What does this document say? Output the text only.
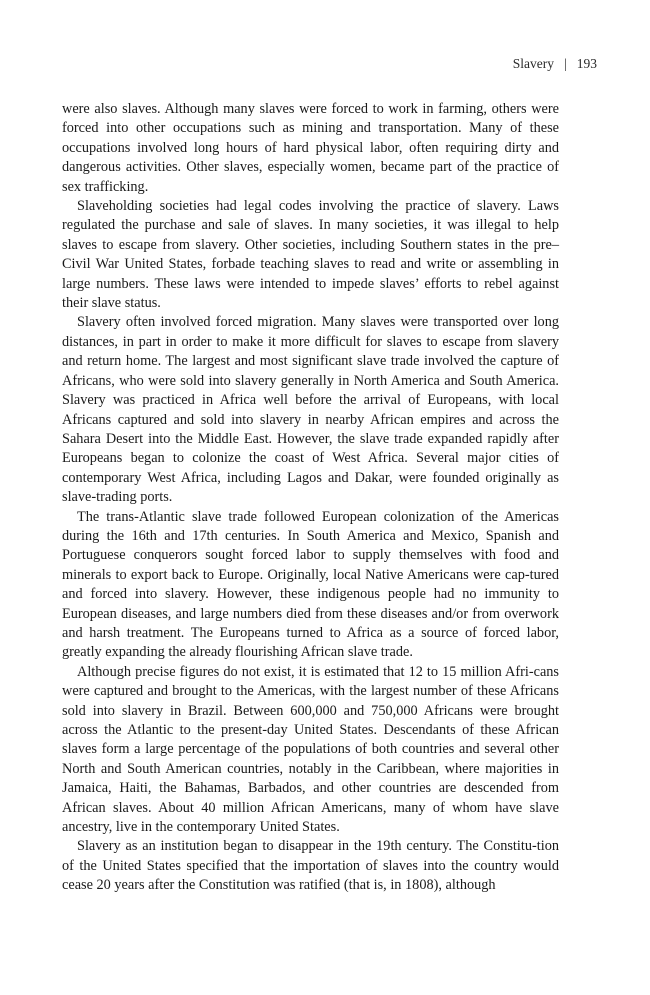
Slavery | 193

were also slaves. Although many slaves were forced to work in farming, others were forced into other occupations such as mining and transportation. Many of these occupations involved long hours of hard physical labor, often requiring dirty and dangerous activities. Other slaves, especially women, became part of the practice of sex trafficking.

Slaveholding societies had legal codes involving the practice of slavery. Laws regulated the purchase and sale of slaves. In many societies, it was illegal to help slaves to escape from slavery. Other societies, including Southern states in the pre–Civil War United States, forbade teaching slaves to read and write or assembling in large numbers. These laws were intended to impede slaves’ efforts to rebel against their slave status.

Slavery often involved forced migration. Many slaves were transported over long distances, in part in order to make it more difficult for slaves to escape from slavery and return home. The largest and most significant slave trade involved the capture of Africans, who were sold into slavery generally in North America and South America. Slavery was practiced in Africa well before the arrival of Europeans, with local Africans captured and sold into slavery in nearby African empires and across the Sahara Desert into the Middle East. However, the slave trade expanded rapidly after Europeans began to colonize the coast of West Africa. Several major cities of contemporary West Africa, including Lagos and Dakar, were founded originally as slave-trading ports.

The trans-Atlantic slave trade followed European colonization of the Americas during the 16th and 17th centuries. In South America and Mexico, Spanish and Portuguese conquerors sought forced labor to supply themselves with food and minerals to export back to Europe. Originally, local Native Americans were cap-tured and forced into slavery. However, these indigenous people had no immunity to European diseases, and large numbers died from these diseases and/or from overwork and harsh treatment. The Europeans turned to Africa as a source of forced labor, greatly expanding the already flourishing African slave trade.

Although precise figures do not exist, it is estimated that 12 to 15 million Afri-cans were captured and brought to the Americas, with the largest number of these Africans sold into slavery in Brazil. Between 600,000 and 750,000 Africans were brought across the Atlantic to the present-day United States. Descendants of these African slaves form a large percentage of the populations of both countries and several other North and South American countries, notably in the Caribbean, where majorities in Jamaica, Haiti, the Bahamas, Barbados, and other countries are descended from African slaves. About 40 million African Americans, many of whom have slave ancestry, live in the contemporary United States.

Slavery as an institution began to disappear in the 19th century. The Constitu-tion of the United States specified that the importation of slaves into the country would cease 20 years after the Constitution was ratified (that is, in 1808), although
